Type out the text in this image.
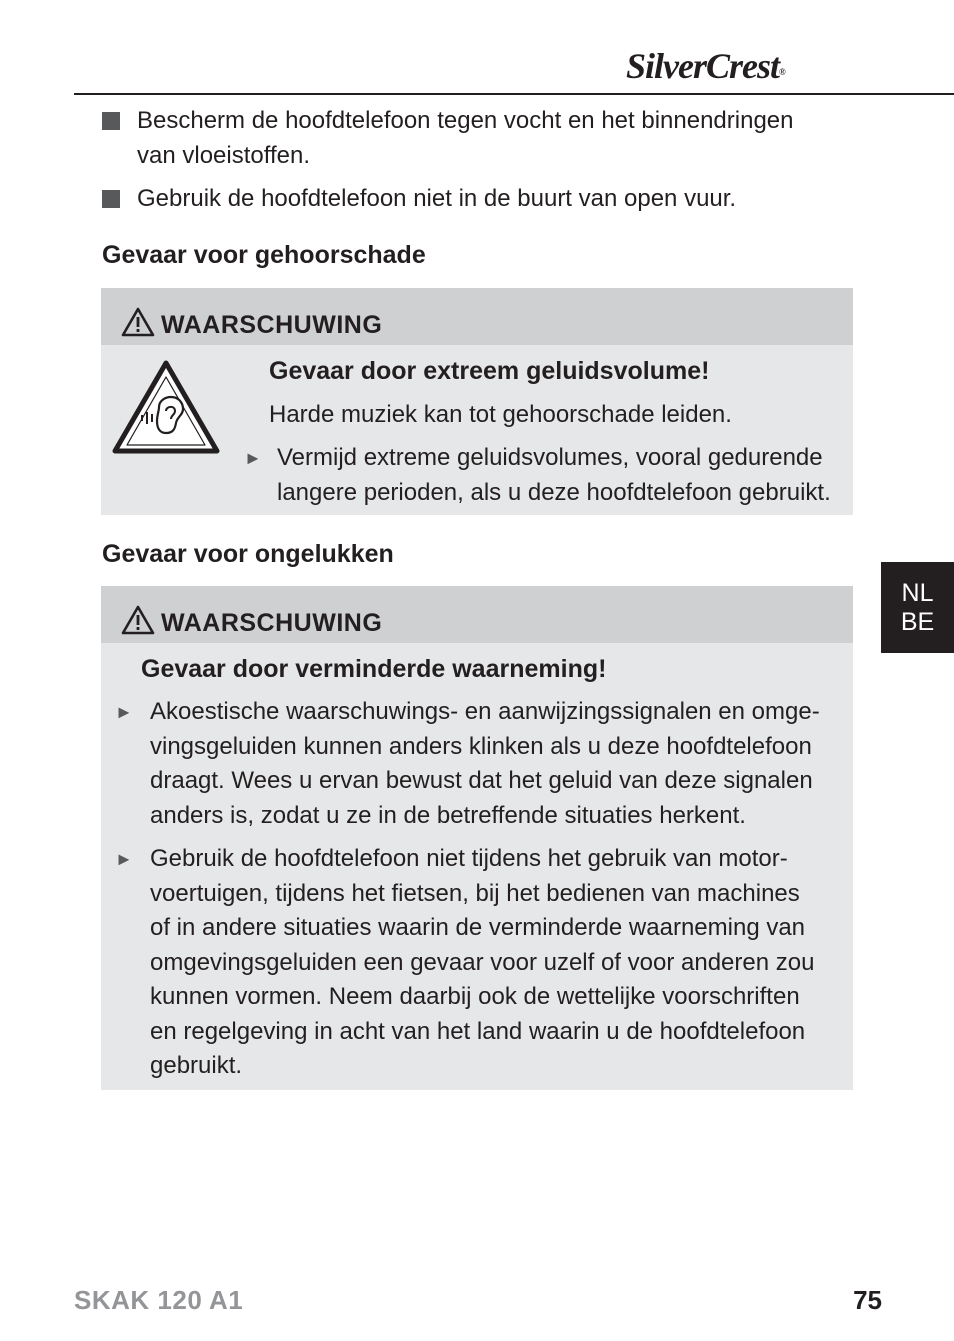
SilverCrest®
Bescherm de hoofdtelefoon tegen vocht en het binnendringen
van vloeistoffen.
Gebruik de hoofdtelefoon niet in de buurt van open vuur.
Gevaar voor gehoorschade
WAARSCHUWING
Gevaar door extreem geluidsvolume!
Harde muziek kan tot gehoorschade leiden.
► Vermijd extreme geluidsvolumes, vooral gedurende
langere perioden, als u deze hoofdtelefoon gebruikt.
Gevaar voor ongelukken
WAARSCHUWING
Gevaar door verminderde waarneming!
► Akoestische waarschuwings- en aanwijzingssignalen en omge-
vingsgeluiden kunnen anders klinken als u deze hoofdtelefoon
draagt. Wees u ervan bewust dat het geluid van deze signalen
anders is, zodat u ze in de betreffende situaties herkent.
► Gebruik de hoofdtelefoon niet tijdens het gebruik van motor-
voertuigen, tijdens het fietsen, bij het bedienen van machines
of in andere situaties waarin de verminderde waarneming van
omgevingsgeluiden een gevaar voor uzelf of voor anderen zou
kunnen vormen. Neem daarbij ook de wettelijke voorschriften
en regelgeving in acht van het land waarin u de hoofdtelefoon
gebruikt.
NL
BE
SKAK 120 A1	75
